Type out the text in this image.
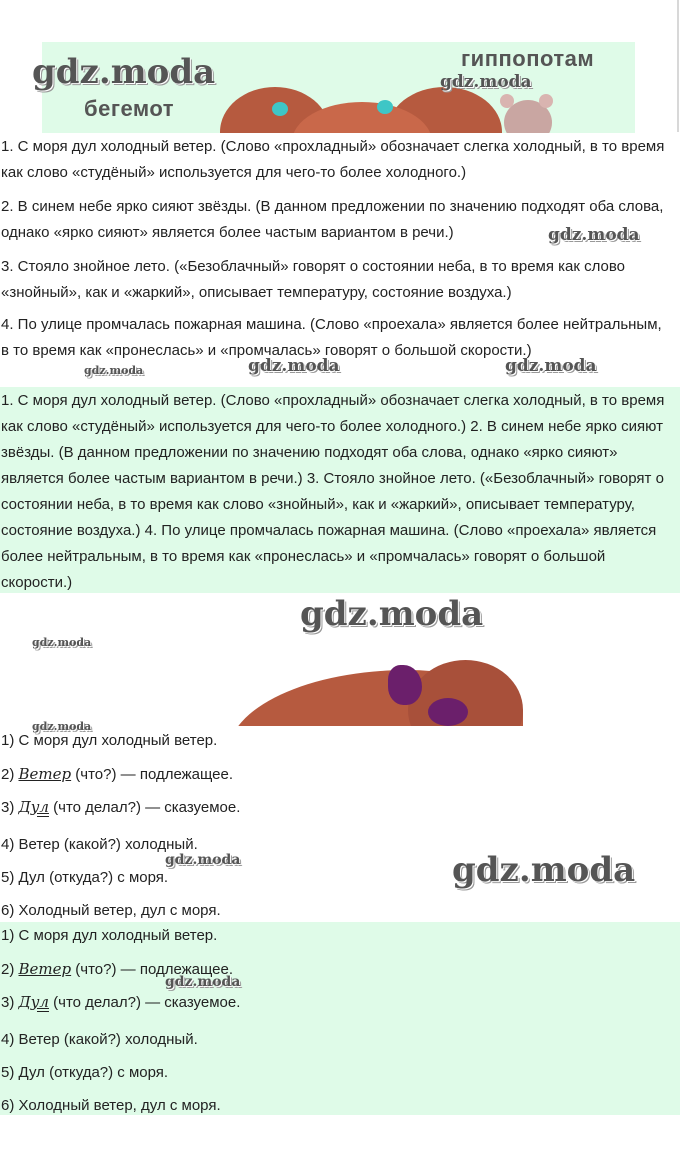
гиппопотам
бегемот
gdz.moda	gdz.moda

1. С моря дул холодный ветер. (Слово «прохладный» обозначает слегка холодный, в то время как слово «студёный» используется для чего-то более холодного.)

2. В синем небе ярко сияют звёзды. (В данном предложении по значению подходят оба слова, однако «ярко сияют» является более частым вариантом в речи.)

3. Стояло знойное лето. («Безоблачный» говорят о состоянии неба, в то время как слово «знойный», как и «жаркий», описывает температуру, состояние воздуха.)

4. По улице промчалась пожарная машина. (Слово «проехала» является более нейтральным, в то время как «пронеслась» и «промчалась» говорят о большой скорости.)

gdz.moda
gdz.moda	gdz.moda	gdz.moda

1. С моря дул холодный ветер. (Слово «прохладный» обозначает слегка холодный, в то время как слово «студёный» используется для чего-то более холодного.) 2. В синем небе ярко сияют звёзды. (В данном предложении по значению подходят оба слова, однако «ярко сияют» является более частым вариантом в речи.) 3. Стояло знойное лето. («Безоблачный» говорят о состоянии неба, в то время как слово «знойный», как и «жаркий», описывает температуру, состояние воздуха.) 4. По улице промчалась пожарная машина. (Слово «проехала» является более нейтральным, в то время как «пронеслась» и «промчалась» говорят о большой скорости.)

gdz.moda
gdz.moda
gdz.moda
1) С моря дул холодный ветер.
2) Ветер (что?) — подлежащее.
3) Дул (что делал?) — сказуемое.
4) Ветер (какой?) холодный.
5) Дул (откуда?) с моря.
6) Холодный ветер, дул с моря.
gdz.moda	gdz.moda
1) С моря дул холодный ветер.
2) Ветер (что?) — подлежащее.
3) Дул (что делал?) — сказуемое.
4) Ветер (какой?) холодный.
5) Дул (откуда?) с моря.
6) Холодный ветер, дул с моря.
gdz.moda
